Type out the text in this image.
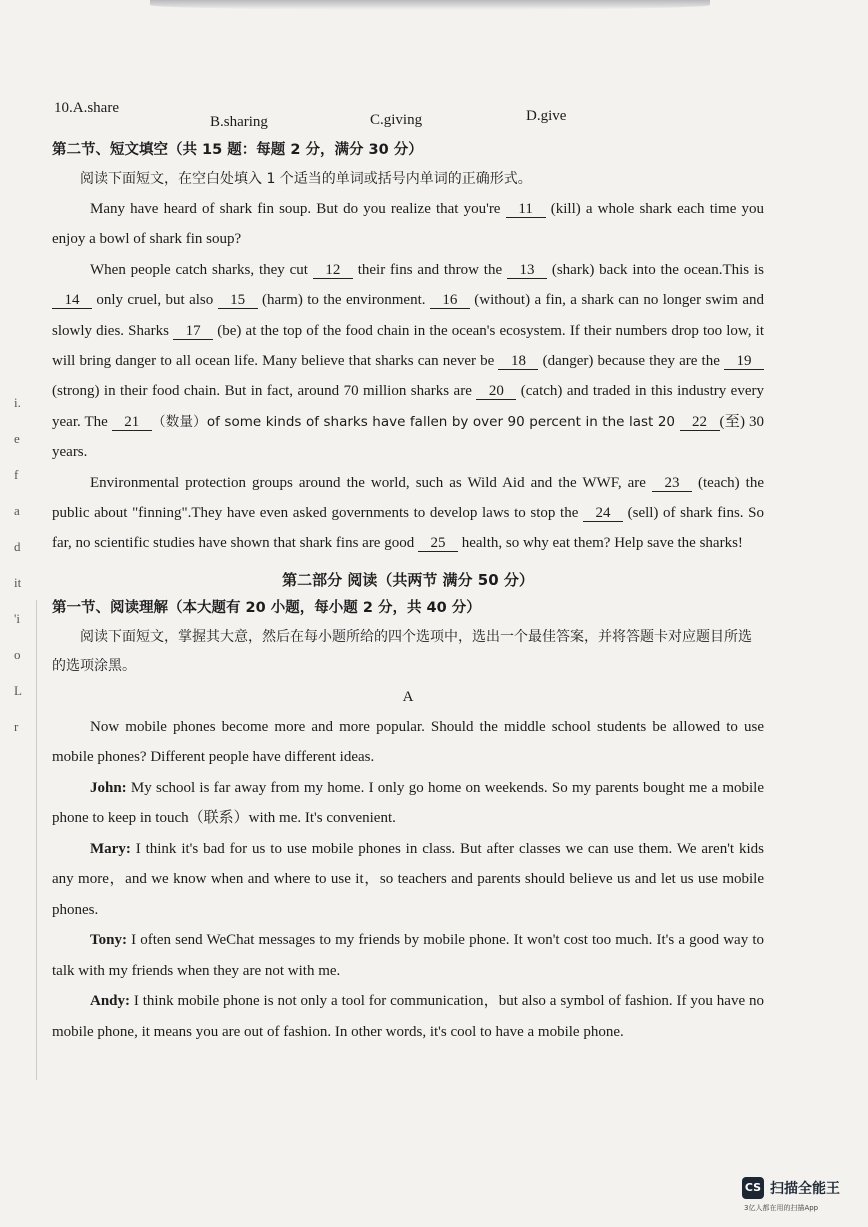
i.
e
f
a
d
it
'i
o
L
r
10.A.share
B.sharing	C.giving	D.give
第二节、短文填空（共 15 题：每题 2 分，满分 30 分）

阅读下面短文，在空白处填入 1 个适当的单词或括号内单词的正确形式。

Many have heard of shark fin soup. But do you realize that you're 11 (kill) a whole shark each time you enjoy a bowl of shark fin soup?

When people catch sharks, they cut 12 their fins and throw the 13 (shark) back into the ocean.This is 14 only cruel, but also 15 (harm) to the environment. 16 (without) a fin, a shark can no longer swim and slowly dies. Sharks 17 (be) at the top of the food chain in the ocean's ecosystem. If their numbers drop too low, it will bring danger to all ocean life. Many believe that sharks can never be 18 (danger) because they are the 19 (strong) in their food chain. But in fact, around 70 million sharks are 20 (catch) and traded in this industry every year. The 21 （数量）of some kinds of sharks have fallen by over 90 percent in the last 20 22 (至) 30 years.

Environmental protection groups around the world, such as Wild Aid and the WWF, are 23 (teach) the public about "finning".They have even asked governments to develop laws to stop the 24 (sell) of shark fins. So far, no scientific studies have shown that shark fins are good 25 health, so why eat them? Help save the sharks!

第二部分 阅读（共两节 满分 50 分）
第一节、阅读理解（本大题有 20 小题，每小题 2 分，共 40 分）

阅读下面短文，掌握其大意，然后在每小题所给的四个选项中，选出一个最佳答案，并将答题卡对应题目所选的选项涂黑。

A

Now mobile phones become more and more popular. Should the middle school students be allowed to use mobile phones? Different people have different ideas.

John: My school is far away from my home. I only go home on weekends. So my parents bought me a mobile phone to keep in touch（联系）with me. It's convenient.

Mary: I think it's bad for us to use mobile phones in class. But after classes we can use them. We aren't kids any more，and we know when and where to use it，so teachers and parents should believe us and let us use mobile phones.

Tony: I often send WeChat messages to my friends by mobile phone. It won't cost too much. It's a good way to talk with my friends when they are not with me.

Andy: I think mobile phone is not only a tool for communication，but also a symbol of fashion. If you have no mobile phone, it means you are out of fashion. In other words, it's cool to have a mobile phone.

CS 扫描全能王
3亿人都在用的扫描App
